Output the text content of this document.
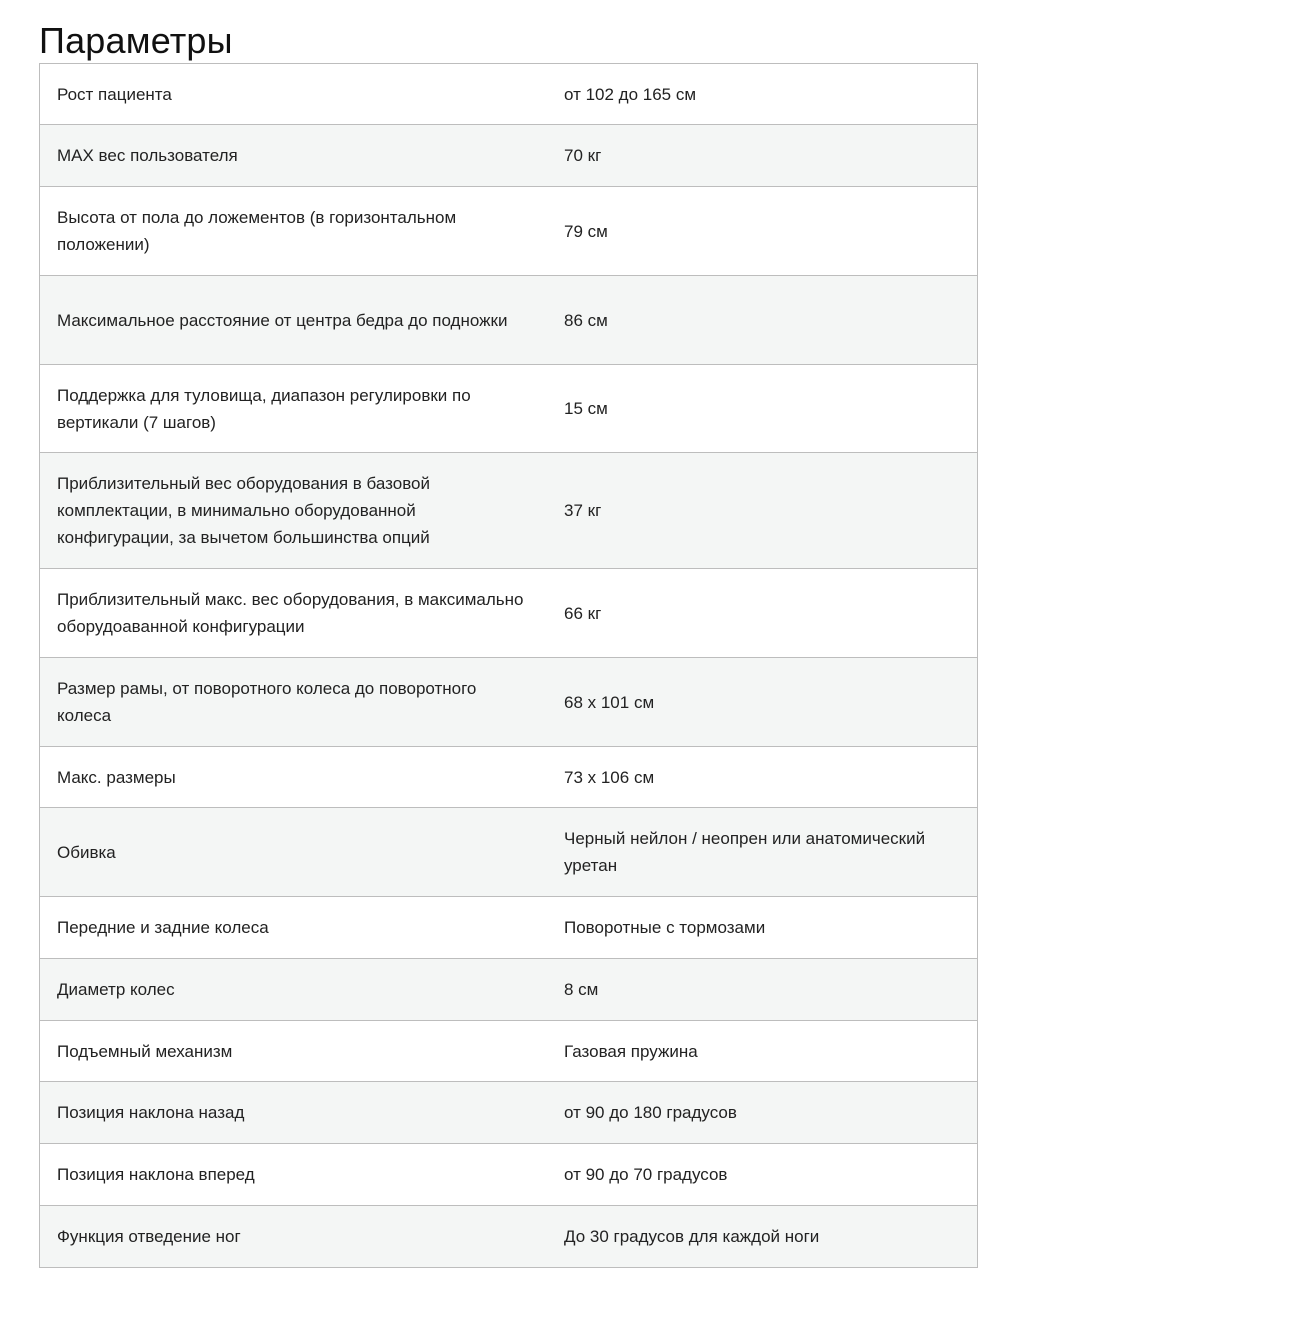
Параметры
Рост пациента	от 102 до 165 см
MAX вес пользователя	70 кг
Высота от пола до ложементов (в горизонтальном положении)	79 см
Максимальное расстояние от центра бедра до подножки	86 см
Поддержка для туловища, диапазон регулировки по вертикали (7 шагов)	15 см
Приблизительный вес оборудования в базовой комплектации, в минимально оборудованной конфигурации, за вычетом большинства опций	37 кг
Приблизительный макс. вес оборудования, в максимально оборудоаванной конфигурации	66 кг
Размер рамы, от поворотного колеса до поворотного колеса	68 x 101 см
Макс. размеры	73 x 106 см
Обивка	Черный нейлон / неопрен или анатомический уретан
Передние и задние колеса	Поворотные с тормозами
Диаметр колес	8 см
Подъемный механизм	Газовая пружина
Позиция наклона назад	от 90 до 180 градусов
Позиция наклона вперед	от 90 до 70 градусов
Функция отведение ног	До 30 градусов для каждой ноги
